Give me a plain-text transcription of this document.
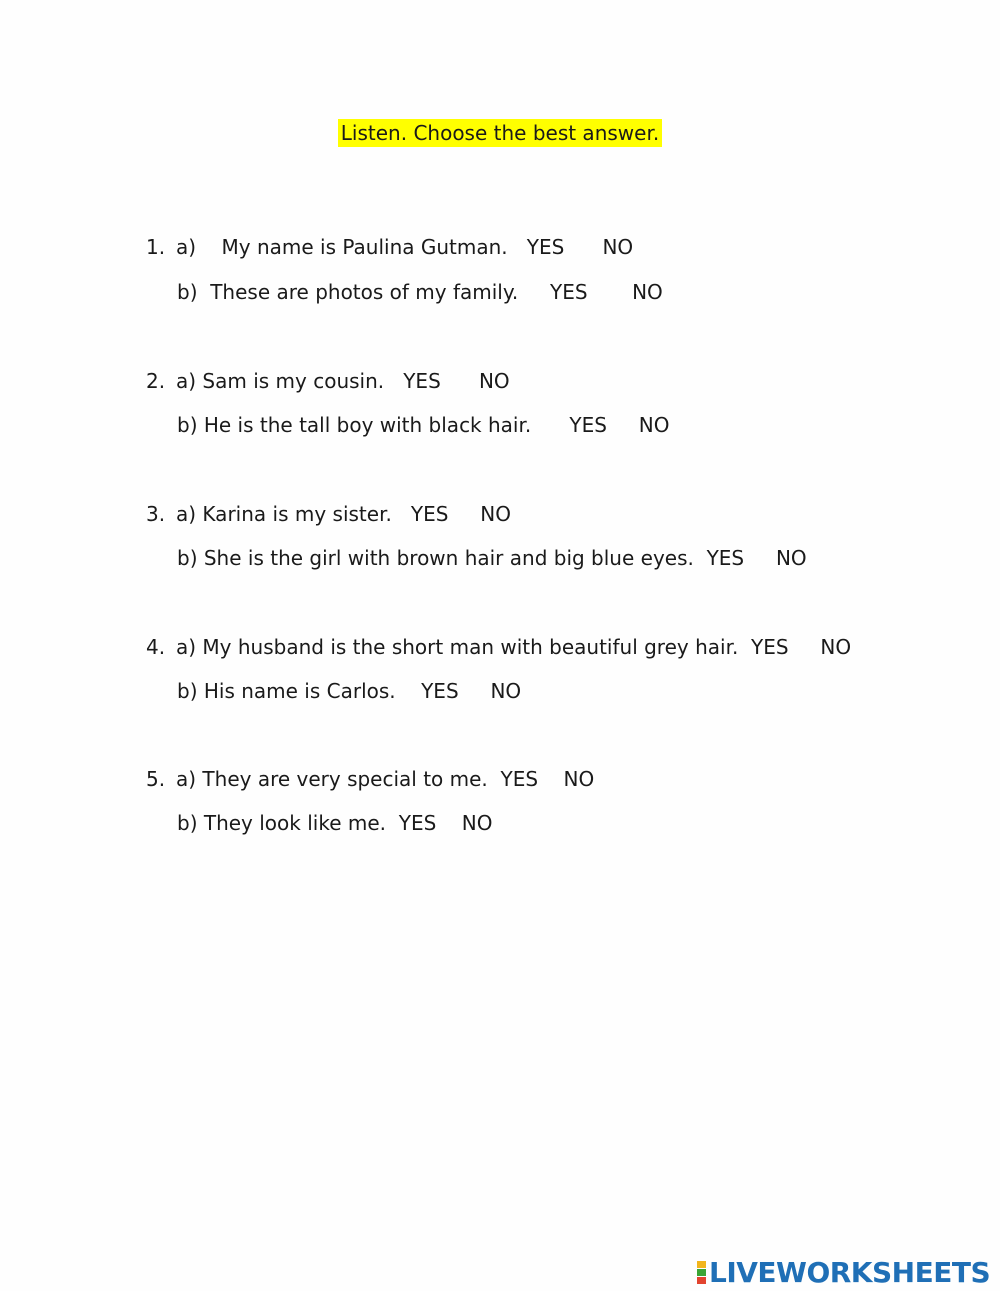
Listen. Choose the best answer.
1. a) My name is Paulina Gutman. YES NO
b) These are photos of my family. YES NO
2. a) Sam is my cousin. YES NO
b) He is the tall boy with black hair. YES NO
3. a) Karina is my sister. YES NO
b) She is the girl with brown hair and big blue eyes. YES NO
4. a) My husband is the short man with beautiful grey hair. YES NO
b) His name is Carlos. YES NO
5. a) They are very special to me. YES NO
b) They look like me. YES NO
LIVEWORKSHEETS
